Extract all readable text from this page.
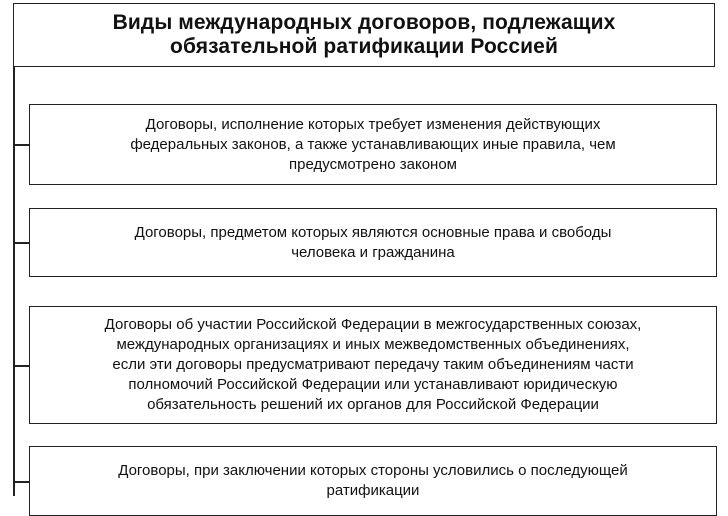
Виды международных договоров, подлежащих
обязательной ратификации Россией
Договоры, исполнение которых требует изменения действующих
федеральных законов, а также устанавливающих иные правила, чем
предусмотрено законом
Договоры, предметом которых являются основные права и свободы
человека и гражданина
Договоры об участии Российской Федерации в межгосударственных союзах,
международных организациях и иных межведомственных объединениях,
если эти договоры предусматривают передачу таким объединениям части
полномочий Российской Федерации или устанавливают юридическую
обязательность решений их органов для Российской Федерации
Договоры, при заключении которых стороны условились о последующей
ратификации
